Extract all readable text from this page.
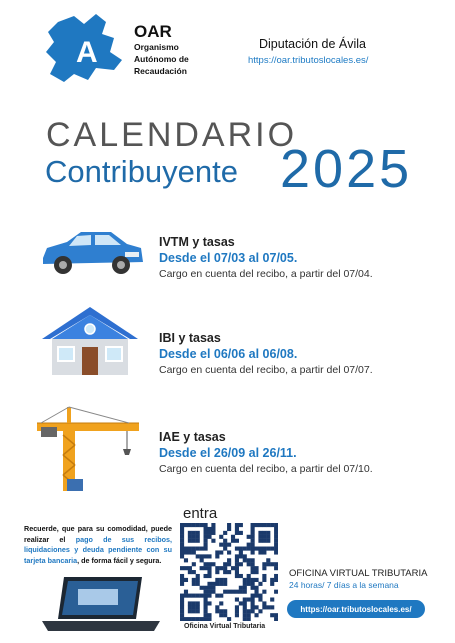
A
OAR
Organismo
Autónomo de
Recaudación
Diputación de Ávila
https://oar.tributoslocales.es/
CALENDARIO
Contribuyente 2025
IVTM y tasas
Desde el 07/03 al 07/05.
Cargo en cuenta del recibo, a partir del 07/04.
IBI y tasas
Desde el 06/06 al 06/08.
Cargo en cuenta del recibo, a partir del 07/07.
IAE y tasas
Desde el 26/09 al 26/11.
Cargo en cuenta del recibo, a partir del 07/10.
Recuerde, que para su comodidad, puede realizar el pago de sus recibos, liquidaciones y deuda pendiente con su tarjeta bancaria, de forma fácil y segura.
entra
Oficina Virtual Tributaria
OFICINA VIRTUAL TRIBUTARIA
24 horas/ 7 días a la semana
https://oar.tributoslocales.es/
